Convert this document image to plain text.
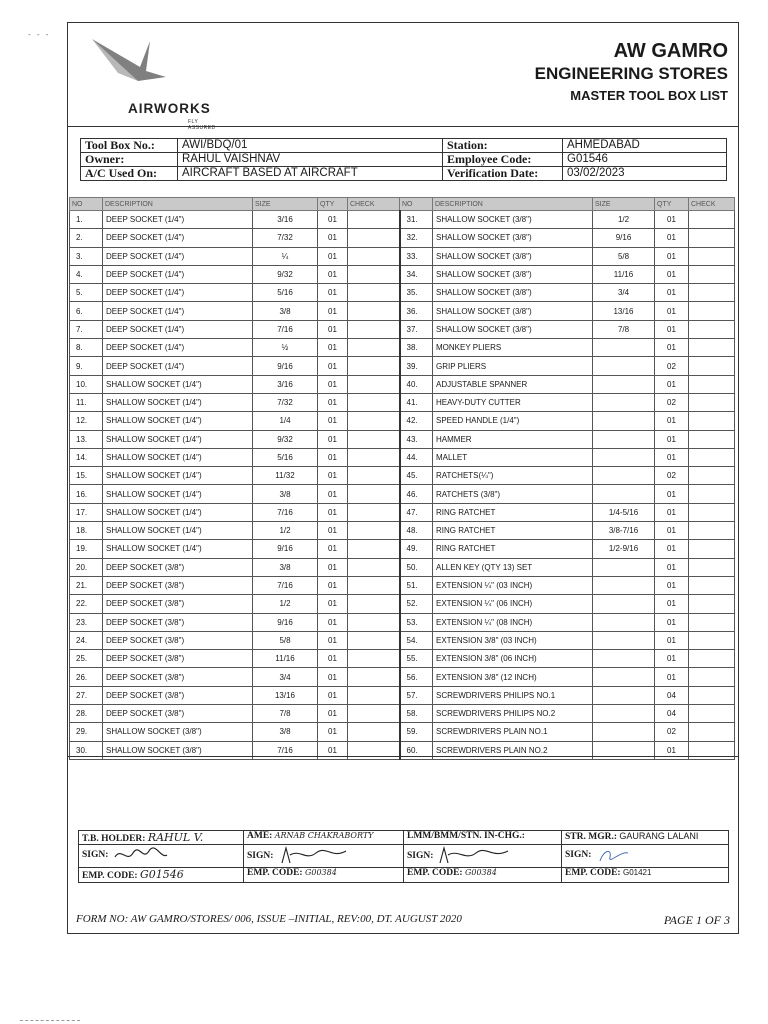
- - -
AIRWORKS
FLY ASSURED
AW GAMRO
ENGINEERING STORES
MASTER TOOL BOX LIST
Tool Box No.:	AWI/BDQ/01	Station:	AHMEDABAD
Owner:	RAHUL VAISHNAV	Employee Code:	G01546
A/C Used On:	AIRCRAFT BASED AT AIRCRAFT	Verification Date:	03/02/2023
NO	DESCRIPTION	SIZE	QTY	CHECK	NO	DESCRIPTION	SIZE	QTY	CHECK
1.	DEEP SOCKET (1/4")	3/16	01		31.	SHALLOW SOCKET (3/8")	1/2	01	
2.	DEEP SOCKET (1/4")	7/32	01		32.	SHALLOW SOCKET (3/8")	9/16	01	
3.	DEEP SOCKET (1/4")	¼	01		33.	SHALLOW SOCKET (3/8")	5/8	01	
4.	DEEP SOCKET (1/4")	9/32	01		34.	SHALLOW SOCKET (3/8")	11/16	01	
5.	DEEP SOCKET (1/4")	5/16	01		35.	SHALLOW SOCKET (3/8")	3/4	01	
6.	DEEP SOCKET (1/4")	3/8	01		36.	SHALLOW SOCKET (3/8")	13/16	01	
7.	DEEP SOCKET (1/4")	7/16	01		37.	SHALLOW SOCKET (3/8")	7/8	01	
8.	DEEP SOCKET (1/4")	½	01		38.	MONKEY PLIERS		01	
9.	DEEP SOCKET (1/4")	9/16	01		39.	GRIP PLIERS		02	
10.	SHALLOW SOCKET (1/4")	3/16	01		40.	ADJUSTABLE SPANNER		01	
11.	SHALLOW SOCKET (1/4")	7/32	01		41.	HEAVY-DUTY CUTTER		02	
12.	SHALLOW SOCKET (1/4")	1/4	01		42.	SPEED HANDLE (1/4")		01	
13.	SHALLOW SOCKET (1/4")	9/32	01		43.	HAMMER		01	
14.	SHALLOW SOCKET (1/4")	5/16	01		44.	MALLET		01	
15.	SHALLOW SOCKET (1/4")	11/32	01		45.	RATCHETS(¼")		02	
16.	SHALLOW SOCKET (1/4")	3/8	01		46.	RATCHETS (3/8")		01	
17.	SHALLOW SOCKET (1/4")	7/16	01		47.	RING RATCHET	1/4-5/16	01	
18.	SHALLOW SOCKET (1/4")	1/2	01		48.	RING RATCHET	3/8-7/16	01	
19.	SHALLOW SOCKET (1/4")	9/16	01		49.	RING RATCHET	1/2-9/16	01	
20.	DEEP SOCKET (3/8")	3/8	01		50.	ALLEN KEY (QTY 13) SET		01	
21.	DEEP SOCKET (3/8")	7/16	01		51.	EXTENSION ¼" (03 INCH)		01	
22.	DEEP SOCKET (3/8")	1/2	01		52.	EXTENSION ¼" (06 INCH)		01	
23.	DEEP SOCKET (3/8")	9/16	01		53.	EXTENSION ¼" (08 INCH)		01	
24.	DEEP SOCKET (3/8")	5/8	01		54.	EXTENSION 3/8" (03 INCH)		01	
25.	DEEP SOCKET (3/8")	11/16	01		55.	EXTENSION 3/8" (06 INCH)		01	
26.	DEEP SOCKET (3/8")	3/4	01		56.	EXTENSION 3/8" (12 INCH)		01	
27.	DEEP SOCKET (3/8")	13/16	01		57.	SCREWDRIVERS PHILIPS NO.1		04	
28.	DEEP SOCKET (3/8")	7/8	01		58.	SCREWDRIVERS PHILIPS NO.2		04	
29.	SHALLOW SOCKET (3/8")	3/8	01		59.	SCREWDRIVERS PLAIN NO.1		02	
30.	SHALLOW SOCKET (3/8")	7/16	01		60.	SCREWDRIVERS PLAIN NO.2		01	
T.B. HOLDER: RAHUL V.	AME: ARNAB CHAKRABORTY	LMM/BMM/STN. IN-CHG.:	STR. MGR.: GAURANG LALANI
SIGN:	SIGN:	SIGN:	SIGN:
EMP. CODE: G01546	EMP. CODE: G00384	EMP. CODE: G00384	EMP. CODE: G01421
FORM NO: AW GAMRO/STORES/ 006, ISSUE –INITIAL, REV:00, DT. AUGUST 2020	PAGE 1 OF 3
